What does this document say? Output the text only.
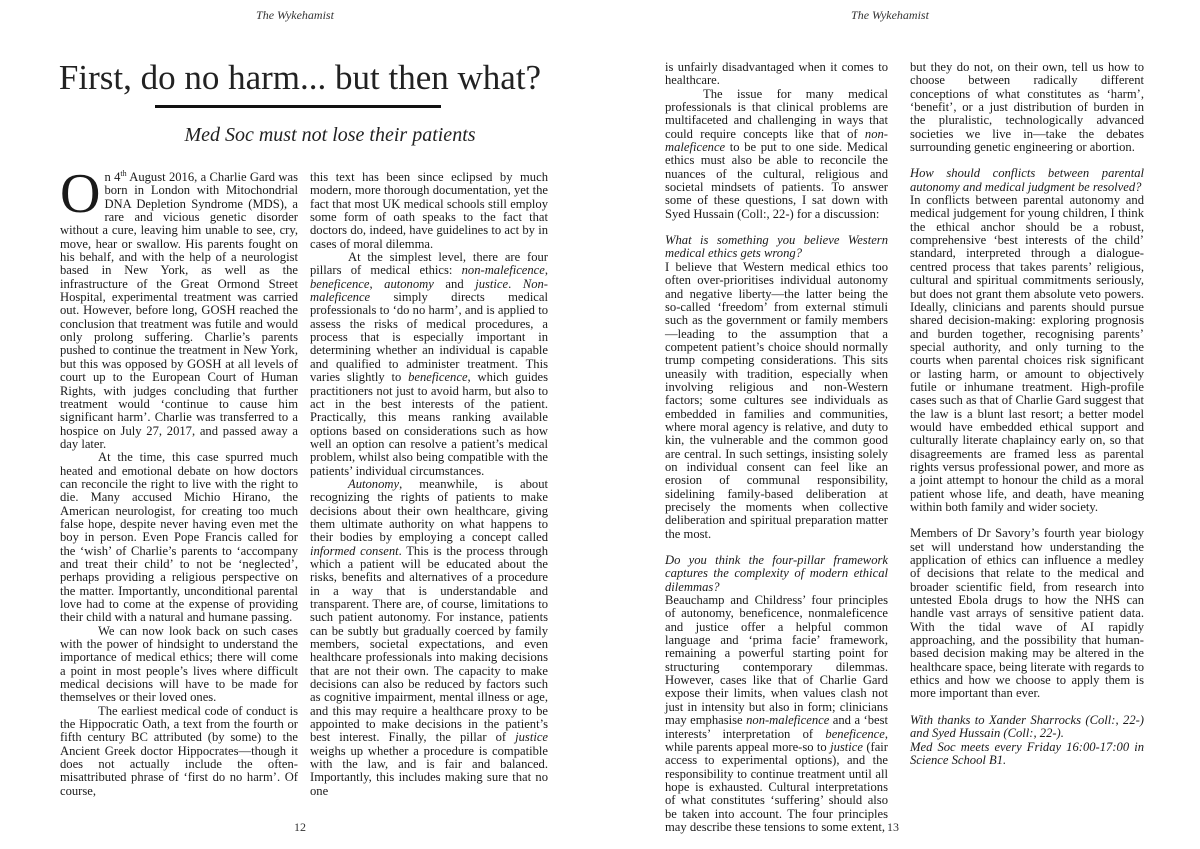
The Wykehamist
First, do no harm... but then what?
Med Soc must not lose their patients

On 4th August 2016, a Charlie Gard was born in London with Mitochondrial DNA Depletion Syndrome (MDS), a rare and vicious genetic disorder without a cure, leaving him unable to see, cry, move, hear or swallow. His parents fought on his behalf, and with the help of a neurologist based in New York, as well as the infrastructure of the Great Ormond Street Hospital, experimental treatment was carried out. However, before long, GOSH reached the conclusion that treatment was futile and would only prolong suffering. Charlie’s parents pushed to continue the treatment in New York, but this was opposed by GOSH at all levels of court up to the European Court of Human Rights, with judges concluding that further treatment would ‘continue to cause him significant harm’. Charlie was transferred to a hospice on July 27, 2017, and passed away a day later.

At the time, this case spurred much heated and emotional debate on how doctors can reconcile the right to live with the right to die. Many accused Michio Hirano, the American neurologist, for creating too much false hope, despite never having even met the boy in person. Even Pope Francis called for the ‘wish’ of Charlie’s parents to ‘accompany and treat their child’ to not be ‘neglected’, perhaps providing a religious perspective on the matter. Importantly, unconditional parental love had to come at the expense of providing their child with a natural and humane passing.

We can now look back on such cases with the power of hindsight to understand the importance of medical ethics; there will come a point in most people’s lives where difficult medical decisions will have to be made for themselves or their loved ones.

The earliest medical code of conduct is the Hippocratic Oath, a text from the fourth or fifth century BC attributed (by some) to the Ancient Greek doctor Hippocrates—though it does not actually include the often-misattributed phrase of ‘first do no harm’. Of course,

this text has been since eclipsed by much modern, more thorough documentation, yet the fact that most UK medical schools still employ some form of oath speaks to the fact that doctors do, indeed, have guidelines to act by in cases of moral dilemma.

At the simplest level, there are four pillars of medical ethics: non-maleficence, beneficence, autonomy and justice. Non-maleficence simply directs medical professionals to ‘do no harm’, and is applied to assess the risks of medical procedures, a process that is especially important in determining whether an individual is capable and qualified to administer treatment. This varies slightly to beneficence, which guides practitioners not just to avoid harm, but also to act in the best interests of the patient. Practically, this means ranking available options based on considerations such as how well an option can resolve a patient’s medical problem, whilst also being compatible with the patients’ individual circumstances.

Autonomy, meanwhile, is about recognizing the rights of patients to make decisions about their own healthcare, giving them ultimate authority on what happens to their bodies by employing a concept called informed consent. This is the process through which a patient will be educated about the risks, benefits and alternatives of a procedure in a way that is understandable and transparent. There are, of course, limitations to such patient autonomy. For instance, patients can be subtly but gradually coerced by family members, societal expectations, and even healthcare professionals into making decisions that are not their own. The capacity to make decisions can also be reduced by factors such as cognitive impairment, mental illness or age, and this may require a healthcare proxy to be appointed to make decisions in the patient’s best interest. Finally, the pillar of justice weighs up whether a procedure is compatible with the law, and is fair and balanced. Importantly, this includes making sure that no one

12
The Wykehamist

is unfairly disadvantaged when it comes to healthcare.

The issue for many medical professionals is that clinical problems are multifaceted and challenging in ways that could require concepts like that of non-maleficence to be put to one side. Medical ethics must also be able to reconcile the nuances of the cultural, religious and societal mindsets of patients. To answer some of these questions, I sat down with Syed Hussain (Coll:, 22-) for a discussion:

What is something you believe Western medical ethics gets wrong?

I believe that Western medical ethics too often over-prioritises individual autonomy and negative liberty—the latter being the so-called ‘freedom’ from external stimuli such as the government or family members—leading to the assumption that a competent patient’s choice should normally trump competing considerations. This sits uneasily with tradition, especially when involving religious and non-Western factors; some cultures see individuals as embedded in families and communities, where moral agency is relative, and duty to kin, the vulnerable and the common good are central. In such settings, insisting solely on individual consent can feel like an erosion of communal responsibility, sidelining family-based deliberation at precisely the moments when collective deliberation and spiritual preparation matter the most.

Do you think the four-pillar framework captures the complexity of modern ethical dilemmas?

Beauchamp and Childress’ four principles of autonomy, beneficence, nonmaleficence and justice offer a helpful common language and ‘prima facie’ framework, remaining a powerful starting point for structuring contemporary dilemmas. However, cases like that of Charlie Gard expose their limits, when values clash not just in intensity but also in form; clinicians may emphasise non-maleficence and a ‘best interests’ interpretation of beneficence, while parents appeal more-so to justice (fair access to experimental options), and the responsibility to continue treatment until all hope is exhausted. Cultural interpretations of what constitutes ‘suffering’ should also be taken into account. The four principles may describe these tensions to some extent,

but they do not, on their own, tell us how to choose between radically different conceptions of what constitutes as ‘harm’, ‘benefit’, or a just distribution of burden in the pluralistic, technologically advanced societies we live in—take the debates surrounding genetic engineering or abortion.

How should conflicts between parental autonomy and medical judgment be resolved?

In conflicts between parental autonomy and medical judgement for young children, I think the ethical anchor should be a robust, comprehensive ‘best interests of the child’ standard, interpreted through a dialogue-centred process that takes parents’ religious, cultural and spiritual commitments seriously, but does not grant them absolute veto powers. Ideally, clinicians and parents should pursue shared decision-making: exploring prognosis and burden together, recognising parents’ special authority, and only turning to the courts when parental choices risk significant or lasting harm, or amount to objectively futile or inhumane treatment. High-profile cases such as that of Charlie Gard suggest that the law is a blunt last resort; a better model would have embedded ethical support and culturally literate chaplaincy early on, so that disagreements are framed less as parental rights versus professional power, and more as a joint attempt to honour the child as a moral patient whose life, and death, have meaning within both family and wider society.

Members of Dr Savory’s fourth year biology set will understand how understanding the application of ethics can influence a medley of decisions that relate to the medical and broader scientific field, from research into untested Ebola drugs to how the NHS can handle vast arrays of sensitive patient data. With the tidal wave of AI rapidly approaching, and the possibility that human-based decision making may be altered in the healthcare space, being literate with regards to ethics and how we choose to apply them is more important than ever.

With thanks to Xander Sharrocks (Coll:, 22-) and Syed Hussain (Coll:, 22-).

Med Soc meets every Friday 16:00-17:00 in Science School B1.

13
